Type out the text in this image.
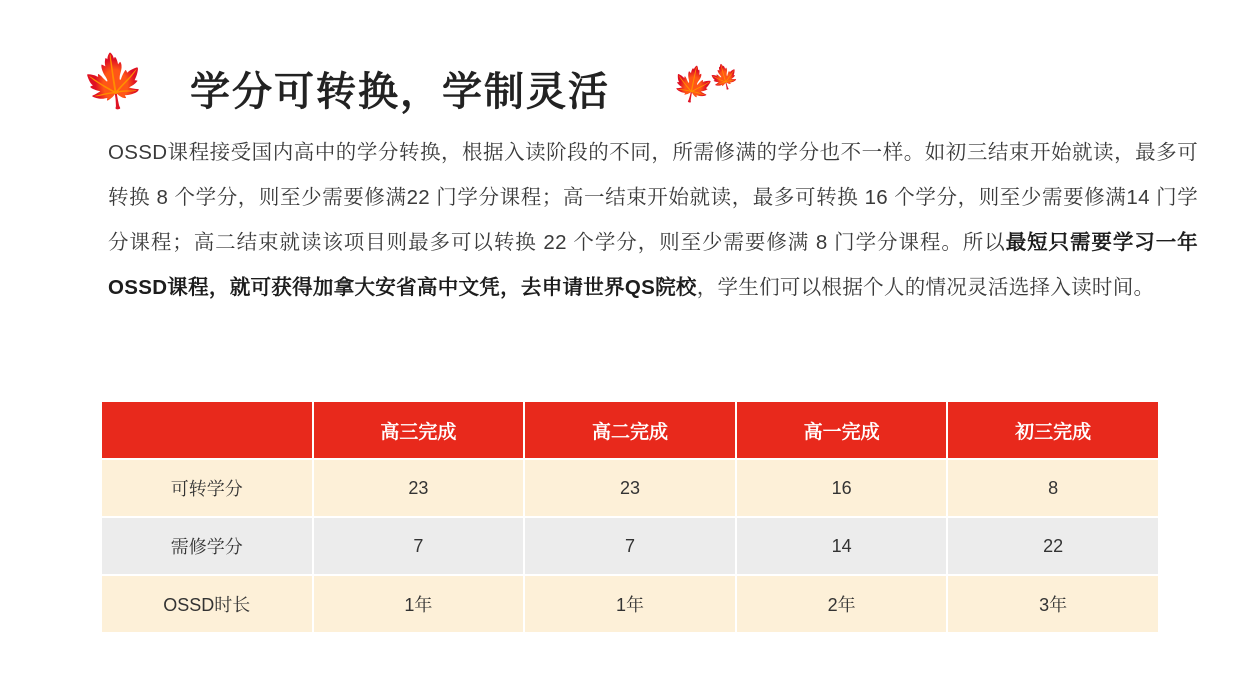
🍁 学分可转换，学制灵活 🍁
🍁
OSSD课程接受国内高中的学分转换，根据入读阶段的不同，所需修满的学分也不一样。如初三结束开始就读，最多可转换 8 个学分，则至少需要修满22 门学分课程；高一结束开始就读，最多可转换 16 个学分，则至少需要修满14 门学分课程；高二结束就读该项目则最多可以转换 22 个学分，则至少需要修满 8 门学分课程。所以最短只需要学习一年OSSD课程，就可获得加拿大安省高中文凭，去申请世界QS院校，学生们可以根据个人的情况灵活选择入读时间。
	高三完成	高二完成	高一完成	初三完成
可转学分	23	23	16	8
需修学分	7	7	14	22
OSSD时长	1年	1年	2年	3年
